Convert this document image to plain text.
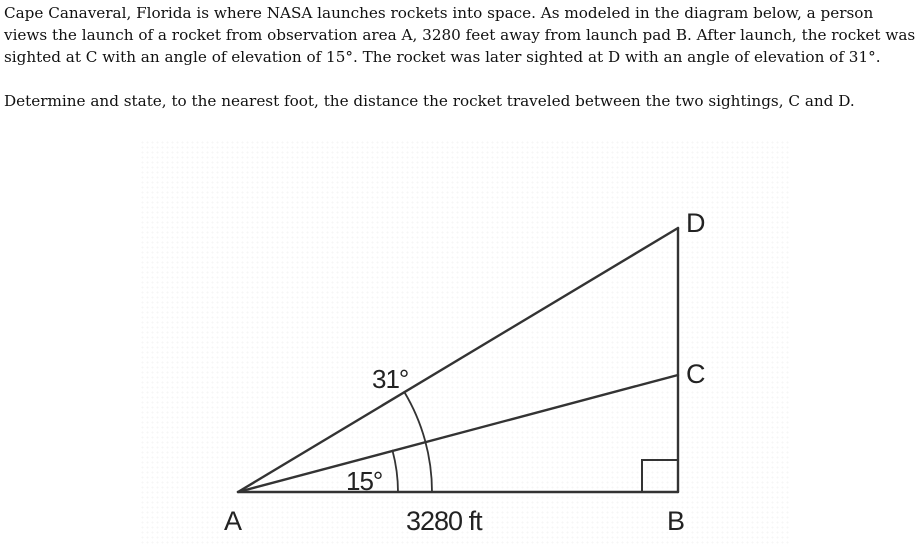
Cape Canaveral, Florida is where NASA launches rockets into space. As modeled in the diagram below, a person views the launch of a rocket from observation area A, 3280 feet away from launch pad B. After launch, the rocket was sighted at C with an angle of elevation of 15°. The rocket was later sighted at D with an angle of elevation of 31°.

Determine and state, to the nearest foot, the distance the rocket traveled between the two sightings, C and D.

D
C
A	B
31°
15°
3280 ft
